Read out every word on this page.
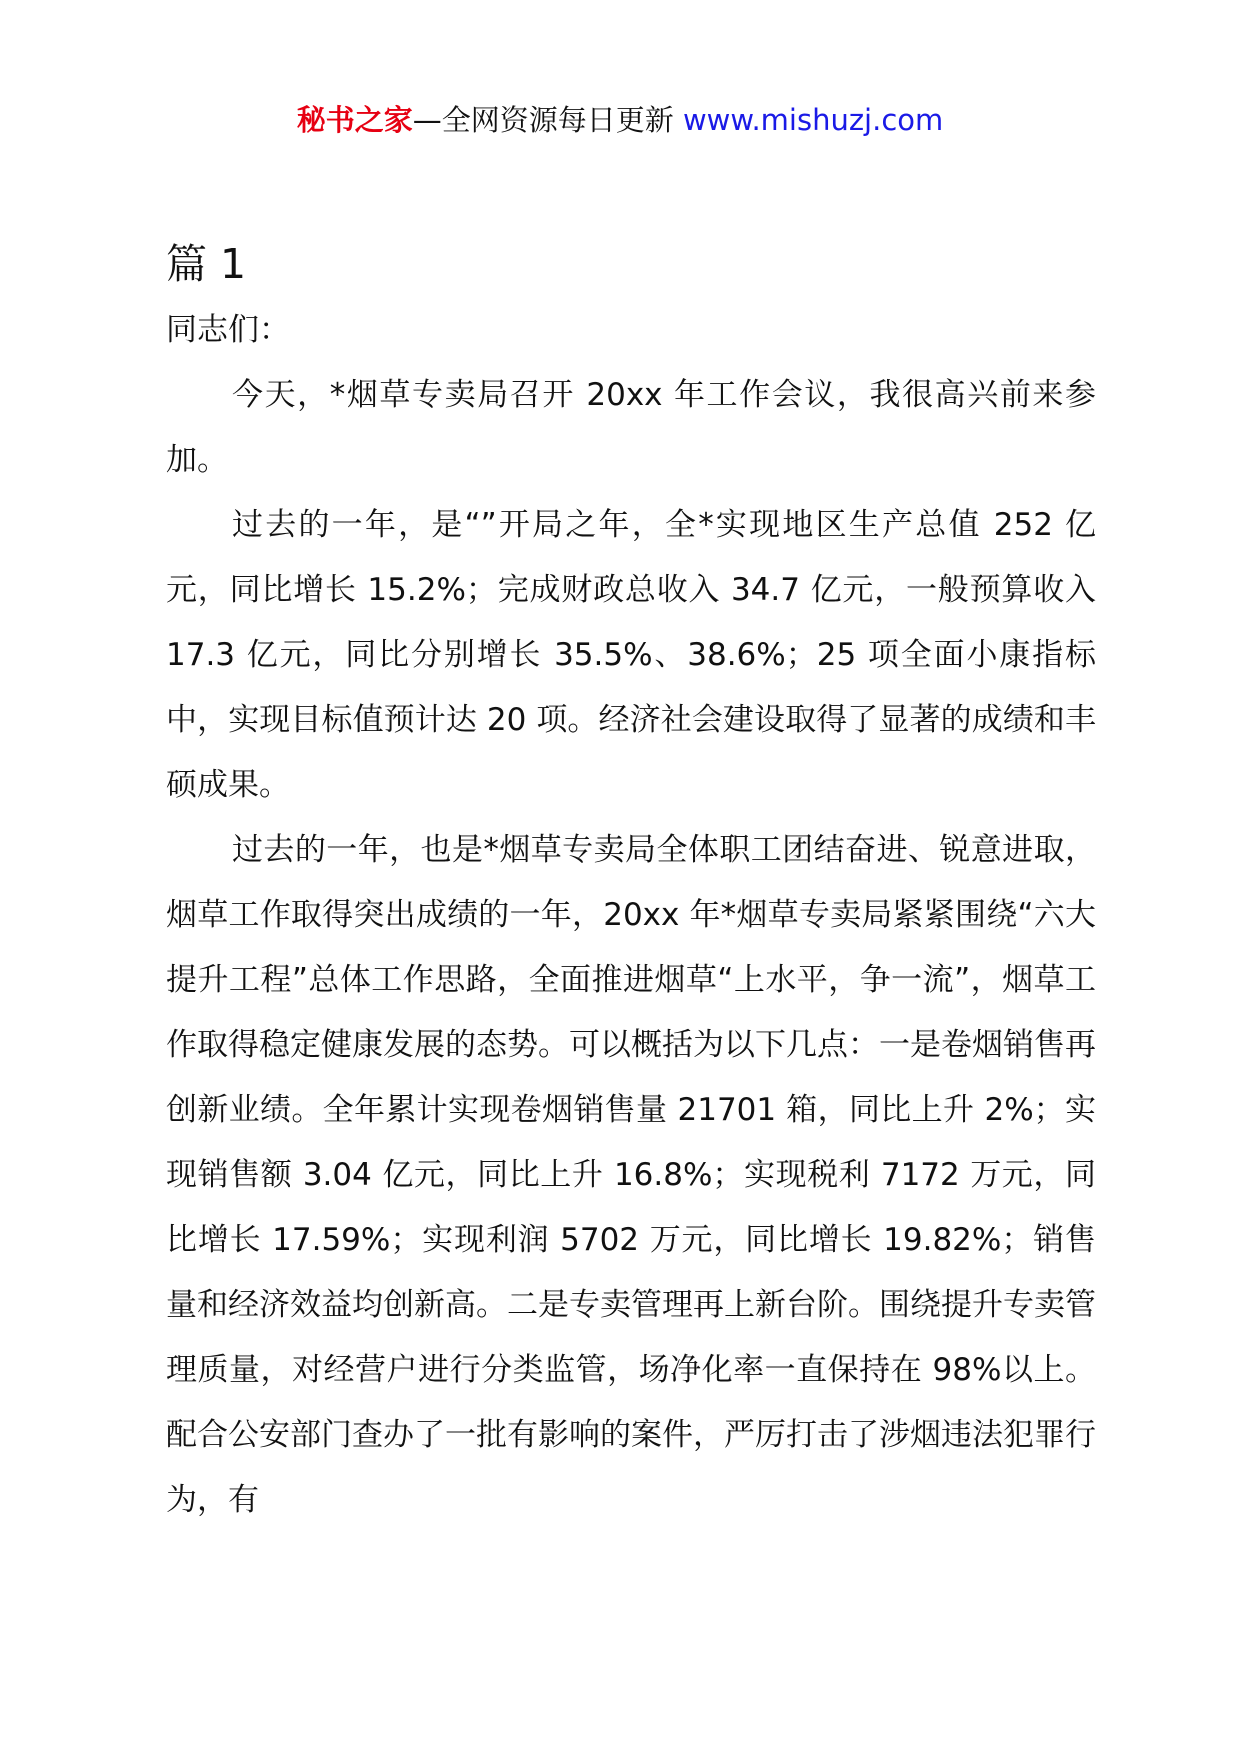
秘书之家—全网资源每日更新 www.mishuzj.com
篇 1

同志们：

今天，*烟草专卖局召开 20xx 年工作会议，我很高兴前来参加。

过去的一年，是“”开局之年，全*实现地区生产总值 252 亿元，同比增长 15.2%；完成财政总收入 34.7 亿元，一般预算收入 17.3 亿元，同比分别增长 35.5%、38.6%；25 项全面小康指标中，实现目标值预计达 20 项。经济社会建设取得了显著的成绩和丰硕成果。

过去的一年，也是*烟草专卖局全体职工团结奋进、锐意进取，烟草工作取得突出成绩的一年，20xx 年*烟草专卖局紧紧围绕“六大提升工程”总体工作思路，全面推进烟草“上水平，争一流”，烟草工作取得稳定健康发展的态势。可以概括为以下几点：一是卷烟销售再创新业绩。全年累计实现卷烟销售量 21701 箱，同比上升 2%；实现销售额 3.04 亿元，同比上升 16.8%；实现税利 7172 万元，同比增长 17.59%；实现利润 5702 万元，同比增长 19.82%；销售量和经济效益均创新高。二是专卖管理再上新台阶。围绕提升专卖管理质量，对经营户进行分类监管，场净化率一直保持在 98%以上。配合公安部门查办了一批有影响的案件，严厉打击了涉烟违法犯罪行为，有
